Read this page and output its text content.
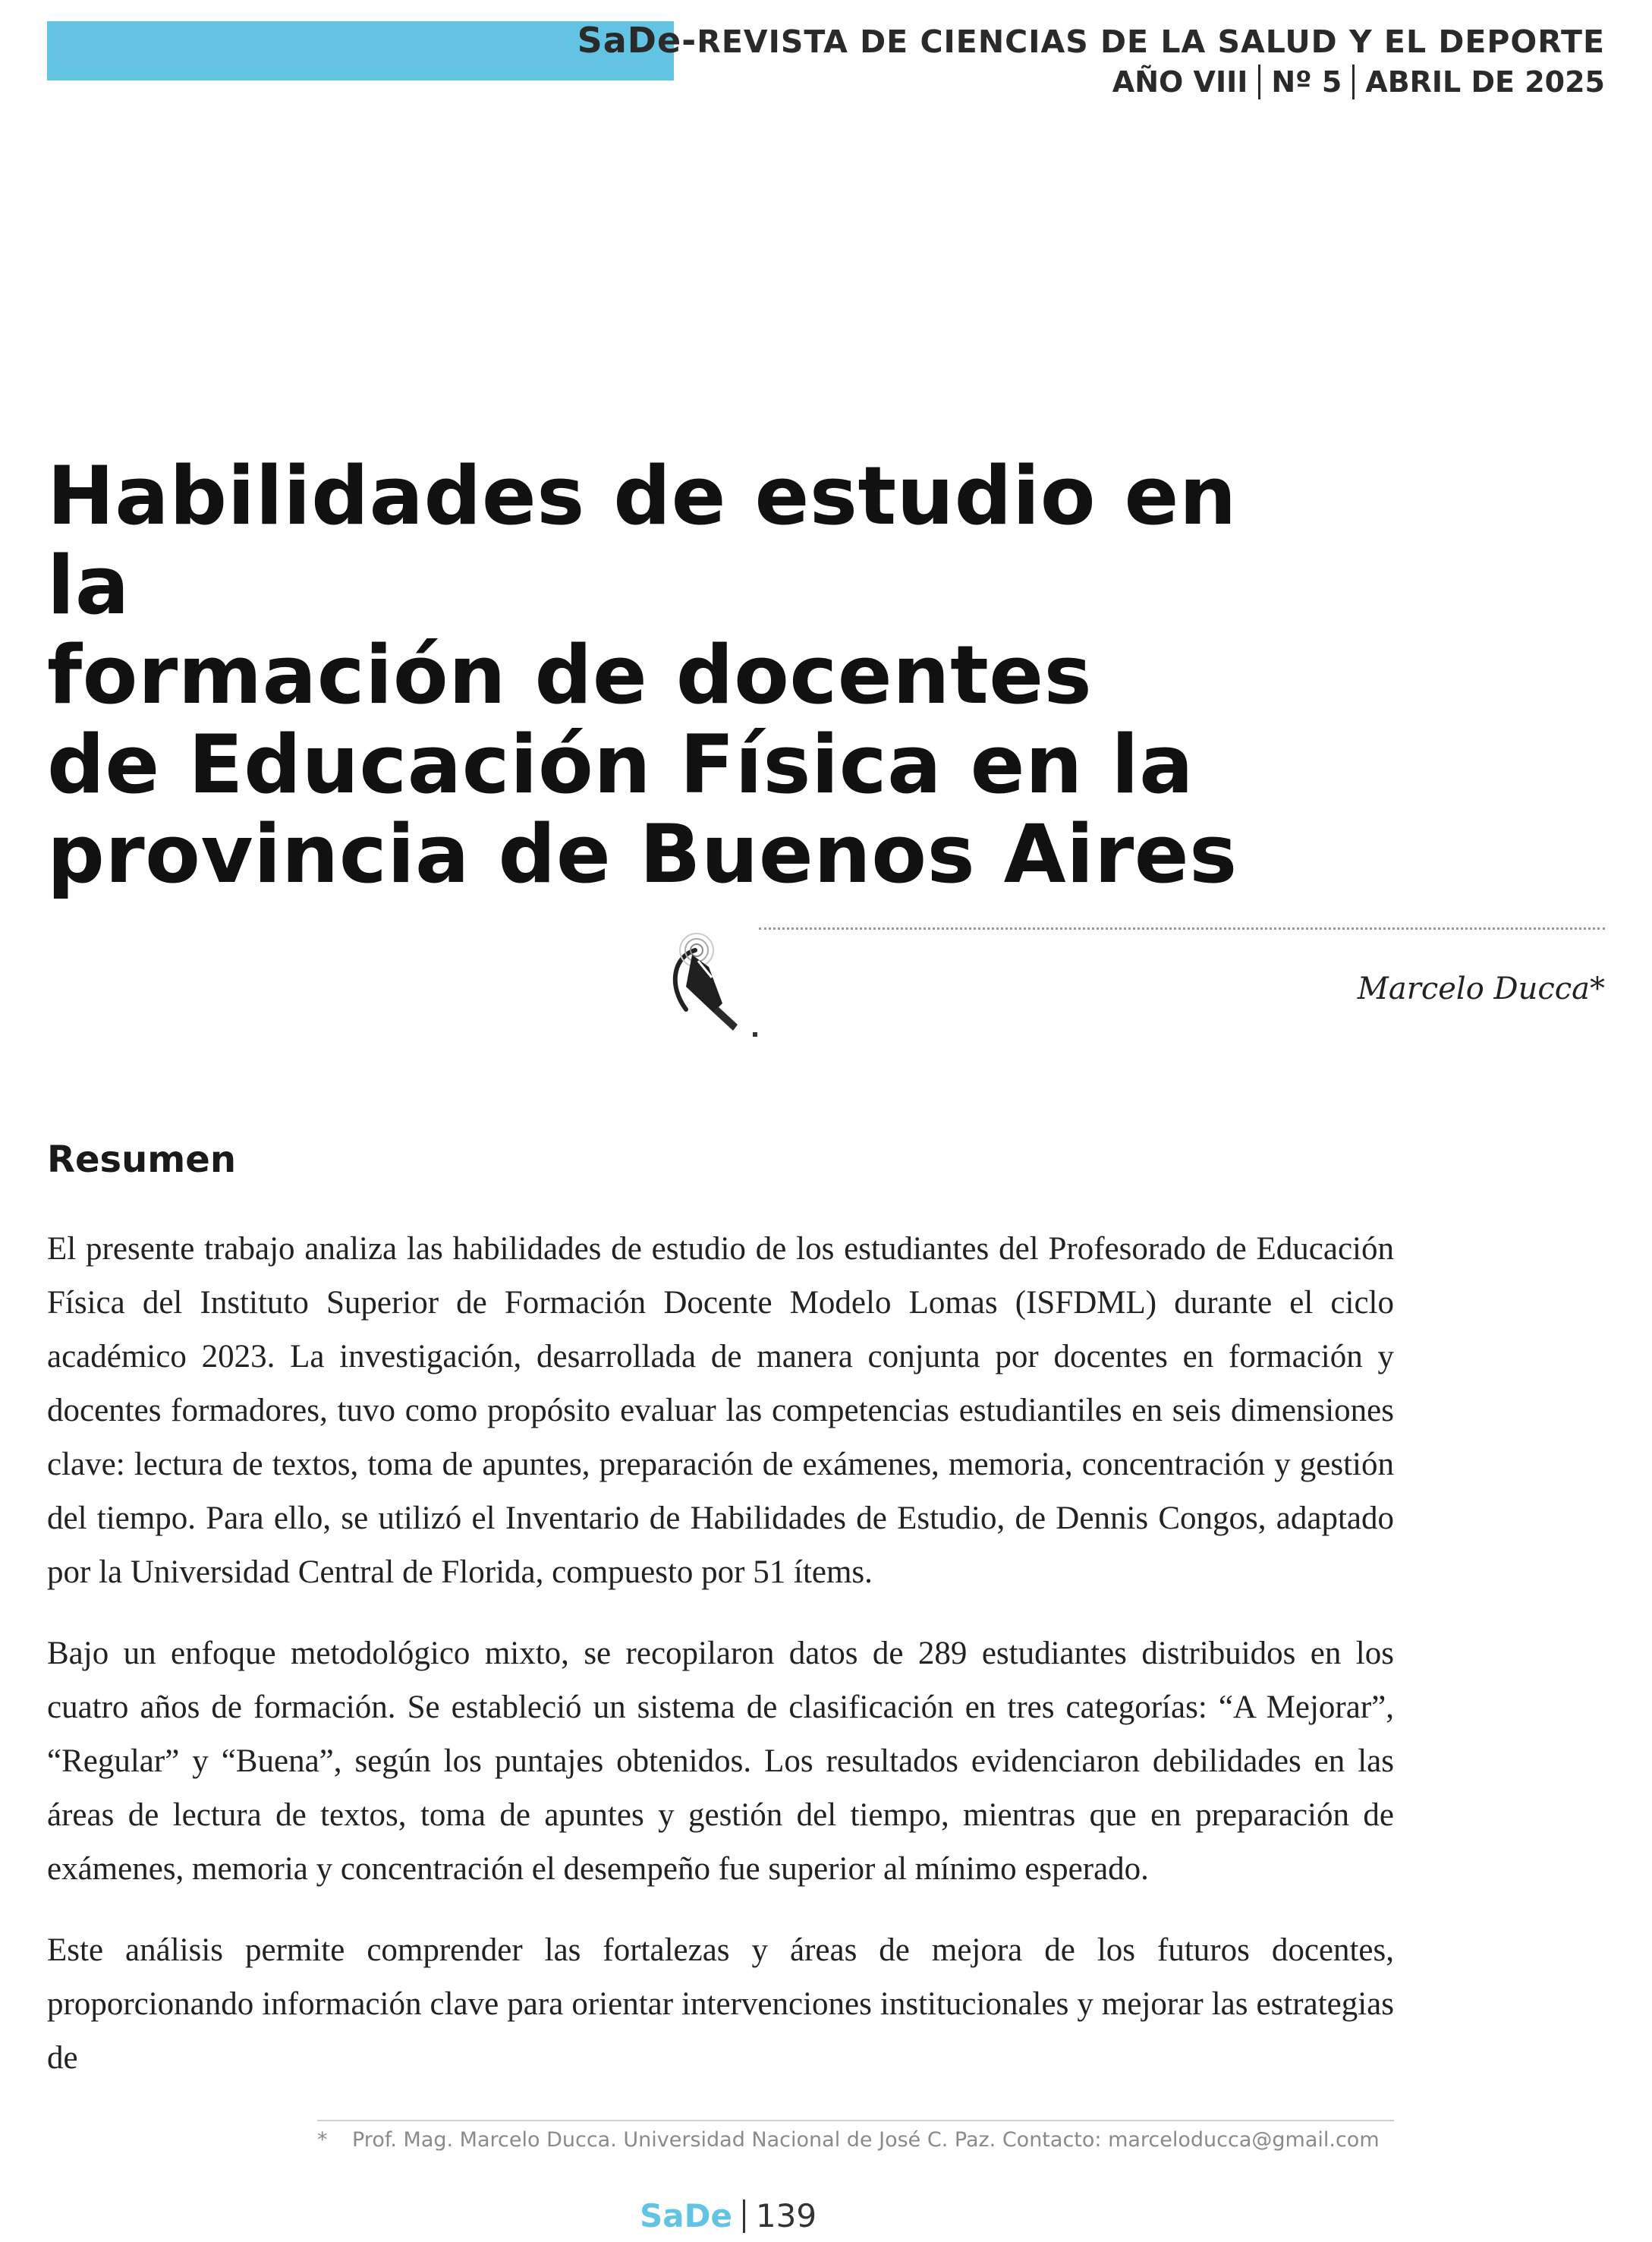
SaDe-REVISTA DE CIENCIAS DE LA SALUD Y EL DEPORTE
AÑO VIII Nº 5 ABRIL DE 2025
Habilidades de estudio en la
formación de docentes
de Educación Física en la
provincia de Buenos Aires
Marcelo Ducca*
Resumen

El presente trabajo analiza las habilidades de estudio de los estudiantes del Profesorado de Educación Física del Instituto Superior de Formación Docente Modelo Lomas (ISFDML) durante el ciclo académico 2023. La investigación, desarrollada de manera conjunta por docentes en formación y docentes formadores, tuvo como propósito evaluar las competencias estudiantiles en seis dimensiones clave: lectura de textos, toma de apuntes, preparación de exámenes, memoria, concentración y gestión del tiempo. Para ello, se utilizó el Inventario de Habilidades de Estudio, de Dennis Congos, adaptado por la Universidad Central de Florida, compuesto por 51 ítems.

Bajo un enfoque metodológico mixto, se recopilaron datos de 289 estudiantes distribuidos en los cuatro años de formación. Se estableció un sistema de clasificación en tres categorías: “A Mejorar”, “Regular” y “Buena”, según los puntajes obtenidos. Los resultados evidenciaron debilidades en las áreas de lectura de textos, toma de apuntes y gestión del tiempo, mientras que en preparación de exámenes, memoria y concentración el desempeño fue superior al mínimo esperado.

Este análisis permite comprender las fortalezas y áreas de mejora de los futuros docentes, proporcionando información clave para orientar intervenciones institucionales y mejorar las estrategias de

* Prof. Mag. Marcelo Ducca. Universidad Nacional de José C. Paz. Contacto: marceloducca@gmail.com
SaDe 139
